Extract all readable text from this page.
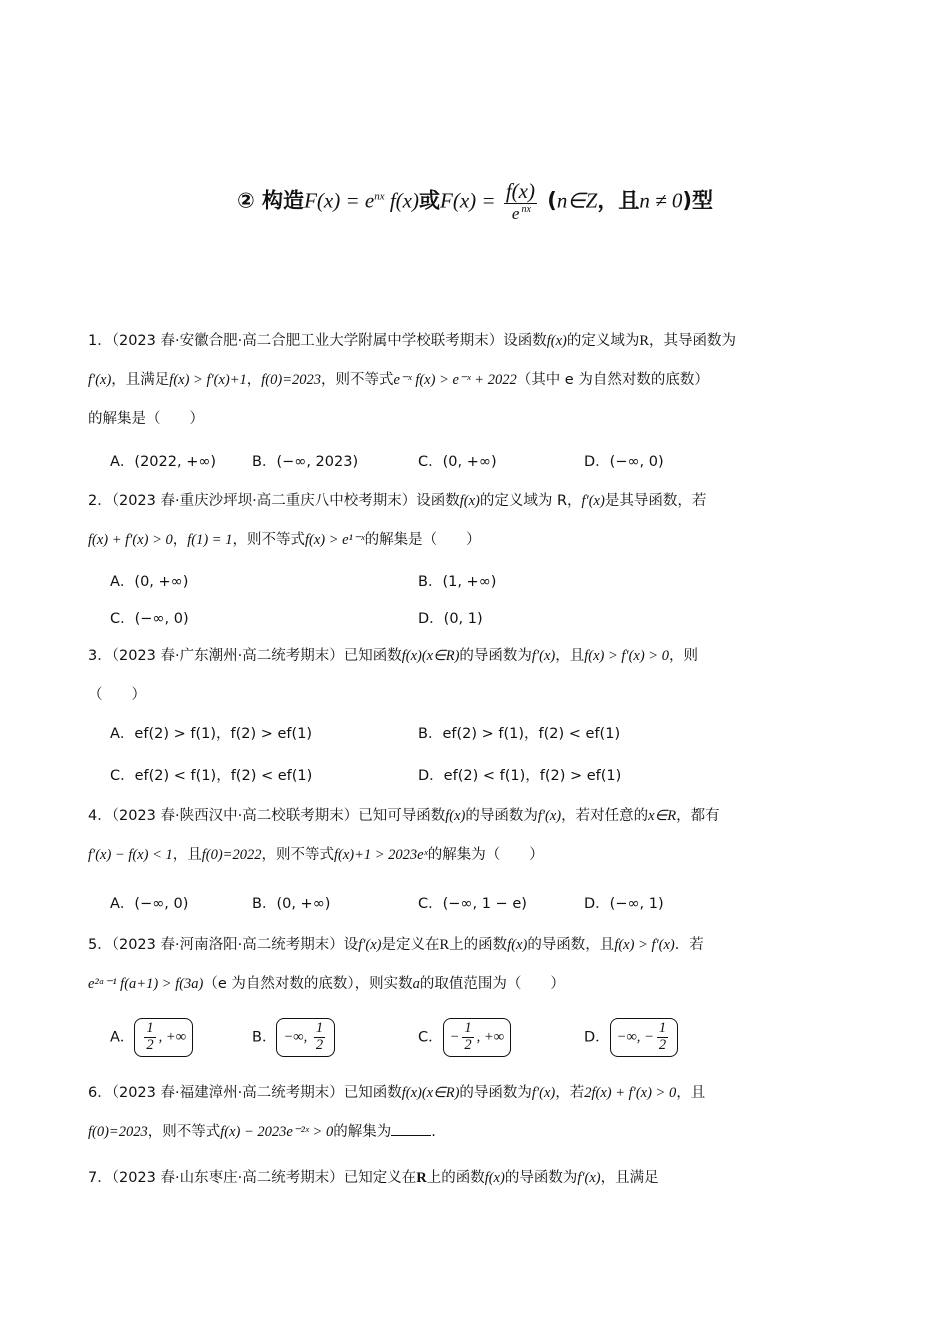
② 构造$F(x) = e^{nx}$ f(x)或$F(x) = \frac{f(x)}{e ^{nx}}$ (n∈Z，且n ≠ 0)型
1．（2023 春·安徽合肥·高二合肥工业大学附属中学校联考期末）设函数f(x)的定义域为R，其导函数为
f′(x)，且满足f(x) > f′(x)+1，f(0)=2023，则不等式e⁻ˣ f(x) > e⁻ˣ + 2022（其中 e 为自然对数的底数）
的解集是（　　）
A．(2022, +∞) B．(−∞, 2023)	C．(0, +∞)	D．(−∞, 0)
2．（2023 春·重庆沙坪坝·高二重庆八中校考期末）设函数f(x)的定义域为 R，f′(x)是其导函数，若
f(x) + f′(x) > 0，f(1) = 1，则不等式f(x) > e¹⁻ˣ的解集是（　　）
A．(0, +∞)	B．(1, +∞)
C．(−∞, 0)	D．(0, 1)
3．（2023 春·广东潮州·高二统考期末）已知函数f(x)(x∈R)的导函数为f′(x)，且f(x) > f′(x) > 0，则
（　　）
A．ef(2) > f(1)，f(2) > ef(1)	B．ef(2) > f(1)，f(2) < ef(1)
C．ef(2) < f(1)，f(2) < ef(1)	D．ef(2) < f(1)，f(2) > ef(1)
4．（2023 春·陕西汉中·高二校联考期末）已知可导函数f(x)的导函数为f′(x)，若对任意的x∈R，都有
f′(x) − f(x) < 1，且f(0)=2022，则不等式f(x)+1 > 2023eˣ的解集为（　　）
A．(−∞, 0)	B．(0, +∞)	C．(−∞, 1 − e)	D．(−∞, 1)
5．（2023 春·河南洛阳·高二统考期末）设f′(x)是定义在R上的函数f(x)的导函数，且f(x) > f′(x)．若
e²ᵃ⁻¹ f(a+1) > f(3a)（e 为自然对数的底数），则实数a的取值范围为（　　）
A． $\frac{1}{2}$ , +∞	B． −∞, $\frac{1}{2}$	C． − $\frac{1}{2}$ , +∞	D． −∞, − $\frac{1}{2}$
6．（2023 春·福建漳州·高二统考期末）已知函数f(x)(x∈R)的导函数为f′(x)，若2f(x) + f′(x) > 0，且
f(0)=2023，则不等式f(x) − 2023e⁻²ˣ > 0的解集为	.
7．（2023 春·山东枣庄·高二统考期末）已知定义在R上的函数f(x)的导函数为f′(x)，且满足
